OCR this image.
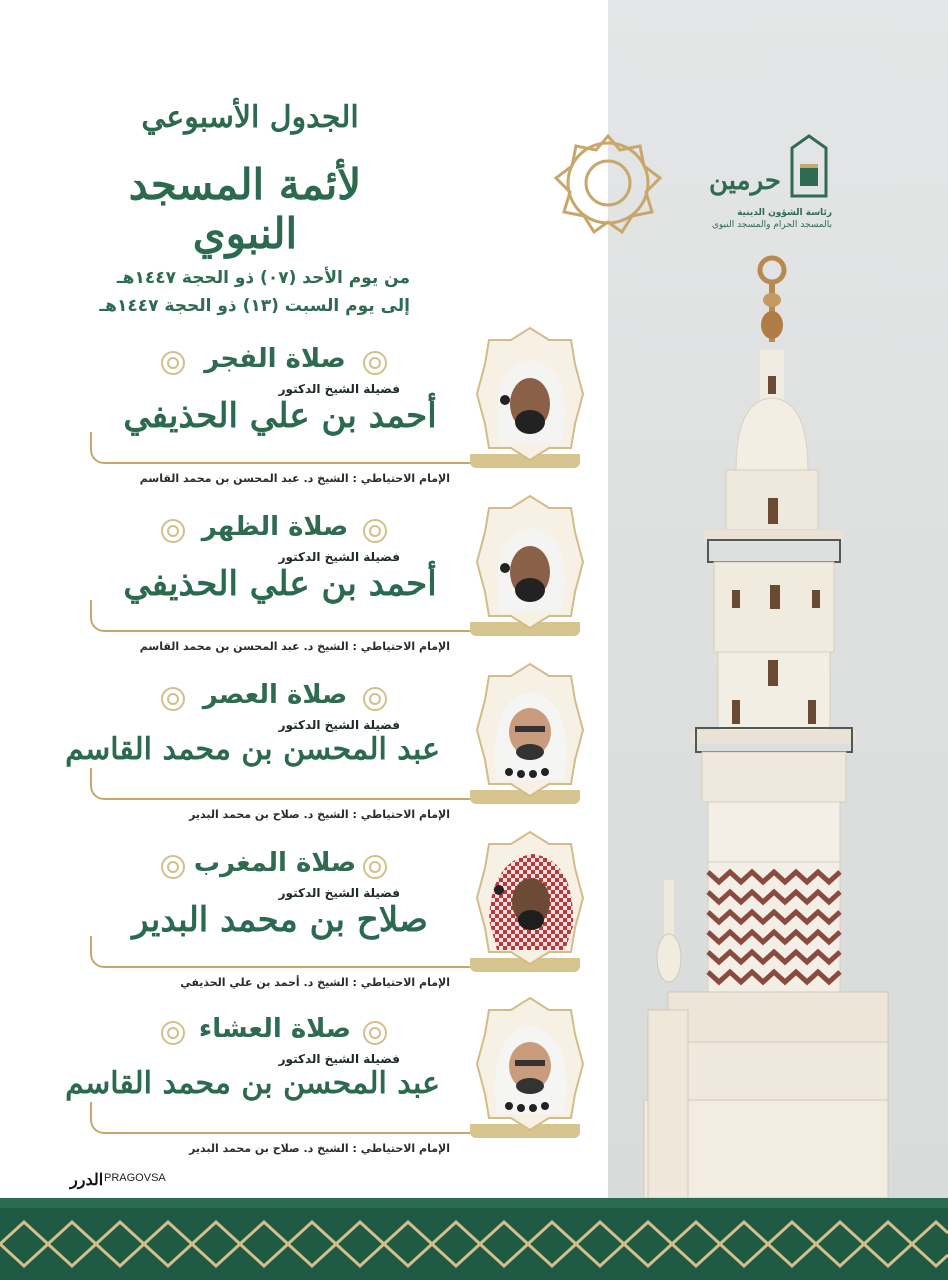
حرمين
رئاسة الشؤون الدينية
بالمسجد الحرام والمسجد النبوي
الجدول الأسبوعي
لأئمة المسجد النبوي
من يوم الأحد (٠٧) ذو الحجة ١٤٤٧هـ
إلى يوم السبت (١٣) ذو الحجة ١٤٤٧هـ
صلاة الفجر
فضيلة الشيخ الدكتور
أحمد بن علي الحذيفي
الإمام الاحتياطي : الشيخ د. عبد المحسن بن محمد القاسم
صلاة الظهر
فضيلة الشيخ الدكتور
أحمد بن علي الحذيفي
الإمام الاحتياطي : الشيخ د. عبد المحسن بن محمد القاسم
صلاة العصر
فضيلة الشيخ الدكتور
عبد المحسن بن محمد القاسم
الإمام الاحتياطي : الشيخ د. صلاح بن محمد البدير
صلاة المغرب
فضيلة الشيخ الدكتور
صلاح بن محمد البدير
الإمام الاحتياطي : الشيخ د. أحمد بن علي الحذيفي
صلاة العشاء
فضيلة الشيخ الدكتور
عبد المحسن بن محمد القاسم
الإمام الاحتياطي : الشيخ د. صلاح بن محمد البدير
الدرر PRAGOVSA
